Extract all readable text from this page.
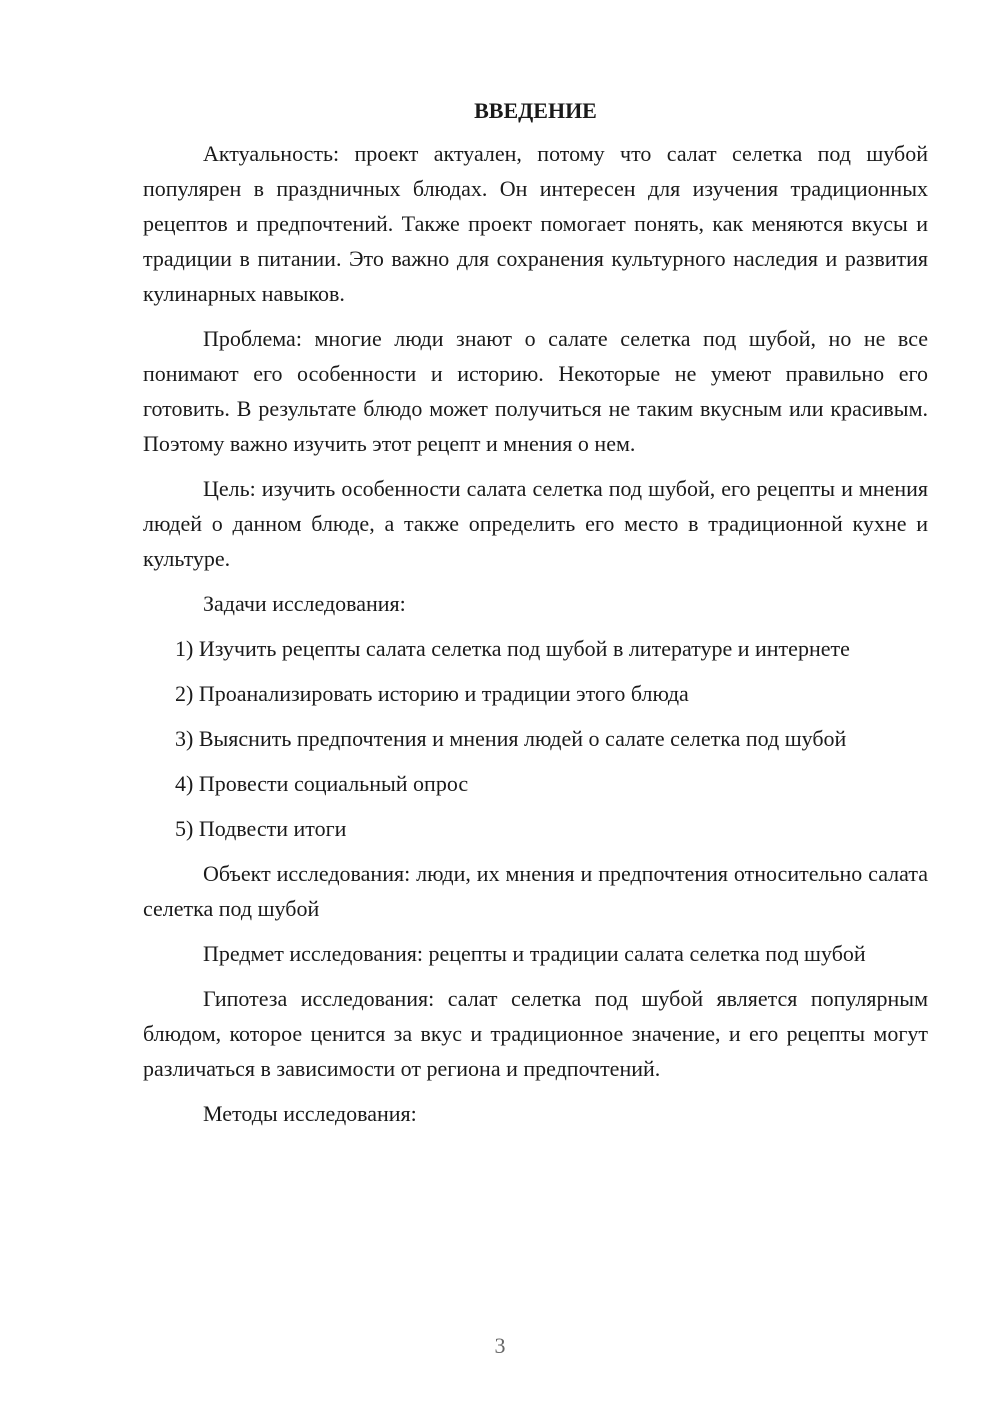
ВВЕДЕНИЕ

Актуальность: проект актуален, потому что салат селетка под шубой популярен в праздничных блюдах. Он интересен для изучения традиционных рецептов и предпочтений. Также проект помогает понять, как меняются вкусы и традиции в питании. Это важно для сохранения культурного наследия и развития кулинарных навыков.

Проблема: многие люди знают о салате селетка под шубой, но не все понимают его особенности и историю. Некоторые не умеют правильно его готовить. В результате блюдо может получиться не таким вкусным или красивым. Поэтому важно изучить этот рецепт и мнения о нем.

Цель: изучить особенности салата селетка под шубой, его рецепты и мнения людей о данном блюде, а также определить его место в традиционной кухне и культуре.

Задачи исследования:

1) Изучить рецепты салата селетка под шубой в литературе и интернете

2) Проанализировать историю и традиции этого блюда

3) Выяснить предпочтения и мнения людей о салате селетка под шубой

4) Провести социальный опрос

5) Подвести итоги

Объект исследования: люди, их мнения и предпочтения относительно салата селетка под шубой

Предмет исследования: рецепты и традиции салата селетка под шубой

Гипотеза исследования: салат селетка под шубой является популярным блюдом, которое ценится за вкус и традиционное значение, и его рецепты могут различаться в зависимости от региона и предпочтений.

Методы исследования:

3
